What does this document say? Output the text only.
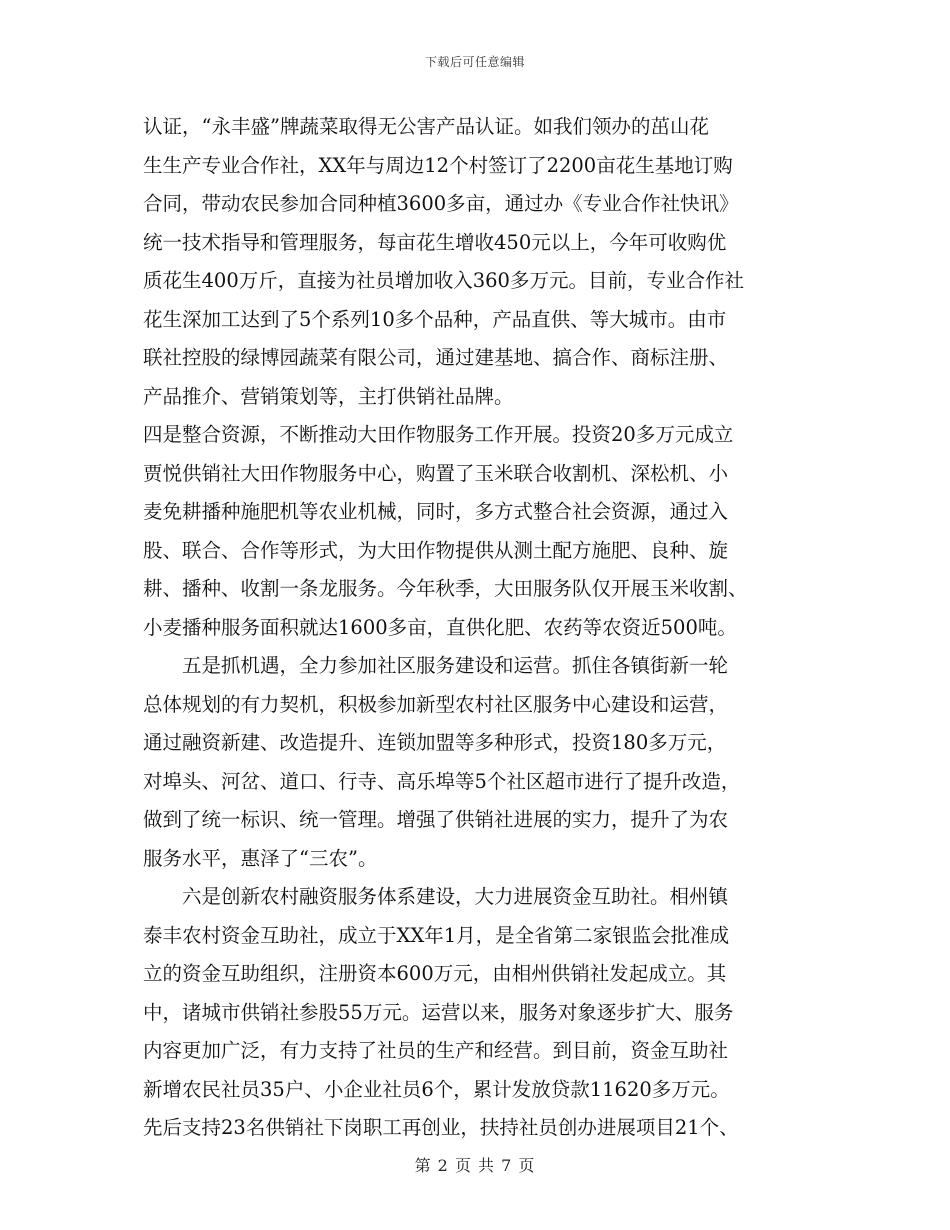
下载后可任意编辑
认证，“永丰盛”牌蔬菜取得无公害产品认证。如我们领办的茁山花
生生产专业合作社，XX年与周边12个村签订了2200亩花生基地订购
合同，带动农民参加合同种植3600多亩，通过办《专业合作社快讯》
统一技术指导和管理服务，每亩花生增收450元以上，今年可收购优
质花生400万斤，直接为社员增加收入360多万元。目前，专业合作社
花生深加工达到了5个系列10多个品种，产品直供、等大城市。由市
联社控股的绿博园蔬菜有限公司，通过建基地、搞合作、商标注册、
产品推介、营销策划等，主打供销社品牌。
四是整合资源，不断推动大田作物服务工作开展。投资20多万元成立
贾悦供销社大田作物服务中心，购置了玉米联合收割机、深松机、小
麦免耕播种施肥机等农业机械，同时，多方式整合社会资源，通过入
股、联合、合作等形式，为大田作物提供从测土配方施肥、良种、旋
耕、播种、收割一条龙服务。今年秋季，大田服务队仅开展玉米收割、
小麦播种服务面积就达1600多亩，直供化肥、农药等农资近500吨。
五是抓机遇，全力参加社区服务建设和运营。抓住各镇街新一轮
总体规划的有力契机，积极参加新型农村社区服务中心建设和运营，
通过融资新建、改造提升、连锁加盟等多种形式，投资180多万元，
对埠头、河岔、道口、行寺、高乐埠等5个社区超市进行了提升改造，
做到了统一标识、统一管理。增强了供销社进展的实力，提升了为农
服务水平，惠泽了“三农”。
六是创新农村融资服务体系建设，大力进展资金互助社。相州镇
泰丰农村资金互助社，成立于XX年1月，是全省第二家银监会批准成
立的资金互助组织，注册资本600万元，由相州供销社发起成立。其
中，诸城市供销社参股55万元。运营以来，服务对象逐步扩大、服务
内容更加广泛，有力支持了社员的生产和经营。到目前，资金互助社
新增农民社员35户、小企业社员6个，累计发放贷款11620多万元。
先后支持23名供销社下岗职工再创业，扶持社员创办进展项目21个、
第 2 页 共 7 页
